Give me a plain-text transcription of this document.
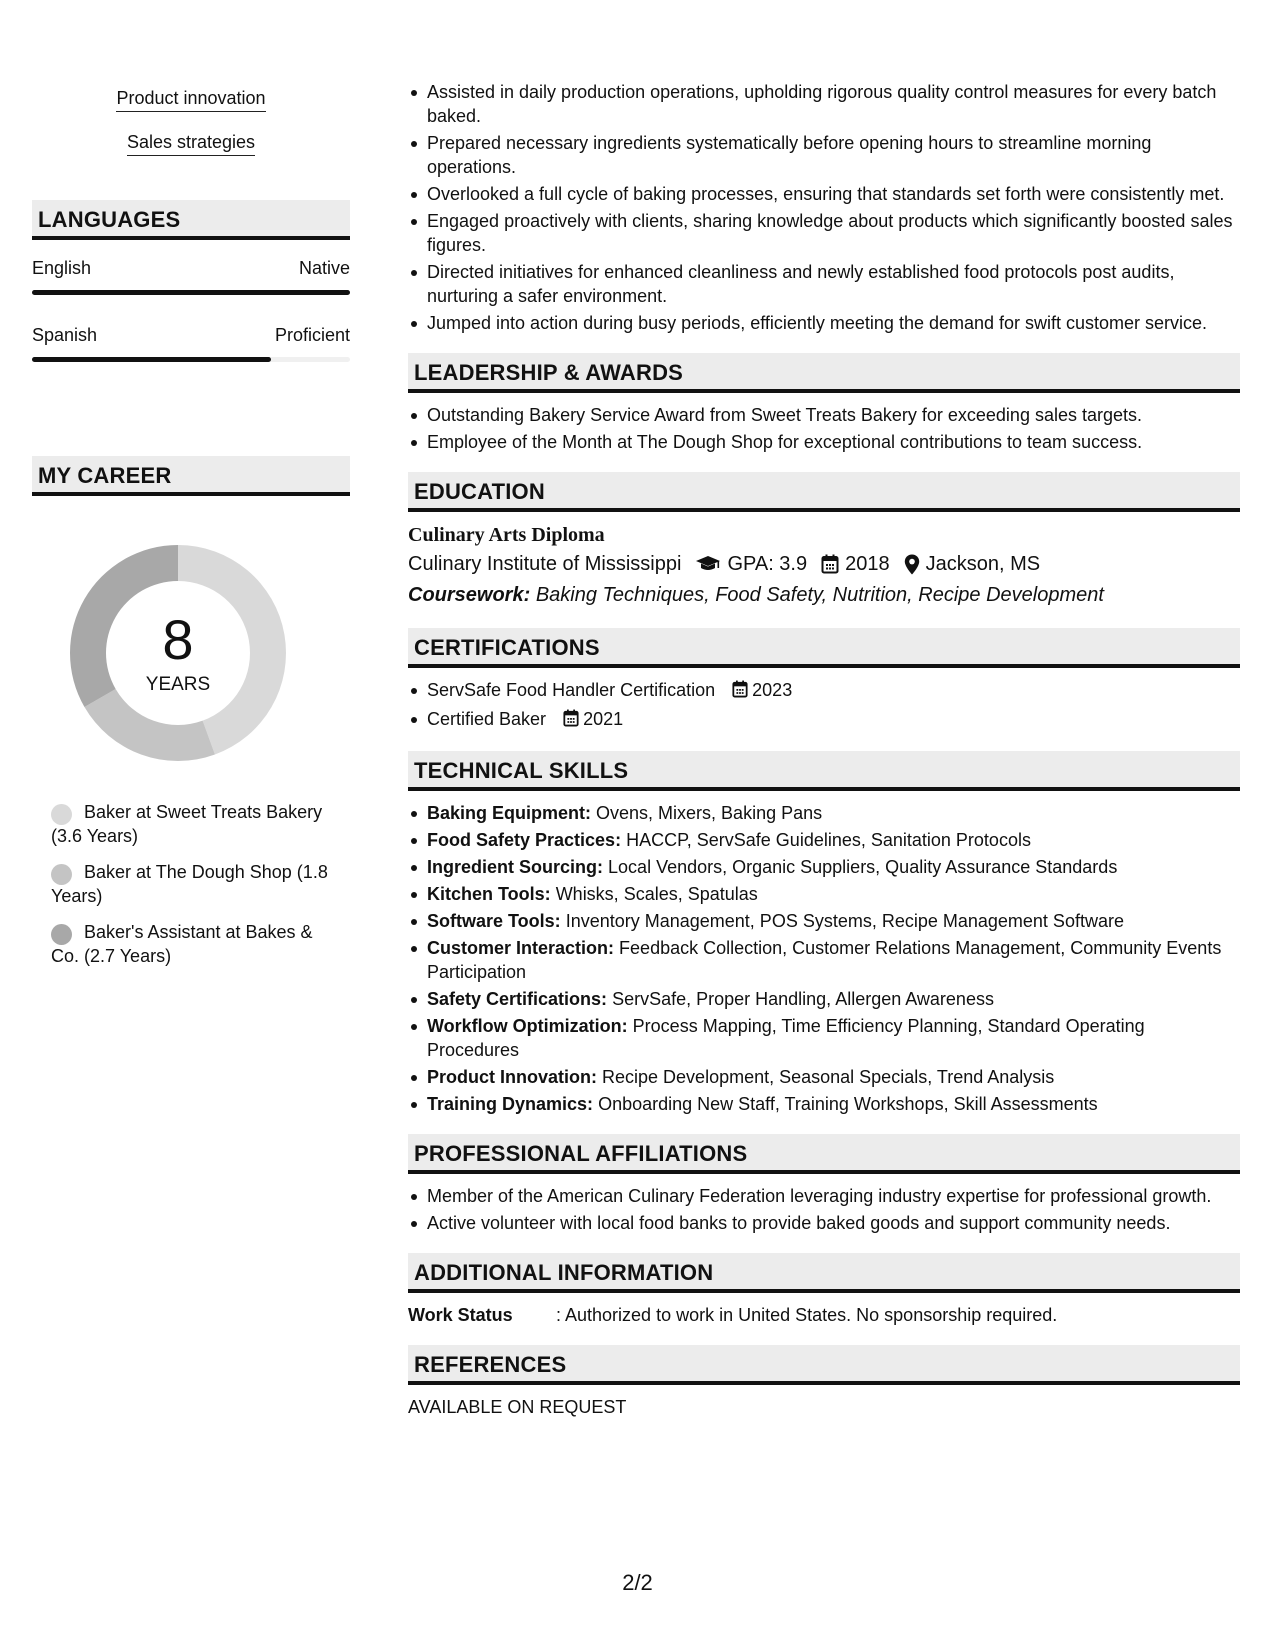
Product innovation
Sales strategies
LANGUAGES
English	Native
Spanish	Proficient
MY CAREER
8
YEARS
Baker at Sweet Treats Bakery (3.6 Years)
Baker at The Dough Shop (1.8 Years)
Baker's Assistant at Bakes & Co. (2.7 Years)
Assisted in daily production operations, upholding rigorous quality control measures for every batch baked.
Prepared necessary ingredients systematically before opening hours to streamline morning operations.
Overlooked a full cycle of baking processes, ensuring that standards set forth were consistently met.
Engaged proactively with clients, sharing knowledge about products which significantly boosted sales figures.
Directed initiatives for enhanced cleanliness and newly established food protocols post audits, nurturing a safer environment.
Jumped into action during busy periods, efficiently meeting the demand for swift customer service.
LEADERSHIP & AWARDS
Outstanding Bakery Service Award from Sweet Treats Bakery for exceeding sales targets.
Employee of the Month at The Dough Shop for exceptional contributions to team success.
EDUCATION
Culinary Arts Diploma
Culinary Institute of Mississippi GPA: 3.9 2018 Jackson, MS
Coursework: Baking Techniques, Food Safety, Nutrition, Recipe Development
CERTIFICATIONS
ServSafe Food Handler Certification 2023
Certified Baker 2021
TECHNICAL SKILLS
Baking Equipment: Ovens, Mixers, Baking Pans
Food Safety Practices: HACCP, ServSafe Guidelines, Sanitation Protocols
Ingredient Sourcing: Local Vendors, Organic Suppliers, Quality Assurance Standards
Kitchen Tools: Whisks, Scales, Spatulas
Software Tools: Inventory Management, POS Systems, Recipe Management Software
Customer Interaction: Feedback Collection, Customer Relations Management, Community Events Participation
Safety Certifications: ServSafe, Proper Handling, Allergen Awareness
Workflow Optimization: Process Mapping, Time Efficiency Planning, Standard Operating Procedures
Product Innovation: Recipe Development, Seasonal Specials, Trend Analysis
Training Dynamics: Onboarding New Staff, Training Workshops, Skill Assessments
PROFESSIONAL AFFILIATIONS
Member of the American Culinary Federation leveraging industry expertise for professional growth.
Active volunteer with local food banks to provide baked goods and support community needs.
ADDITIONAL INFORMATION
Work Status	: Authorized to work in United States. No sponsorship required.
REFERENCES
AVAILABLE ON REQUEST
2/2
